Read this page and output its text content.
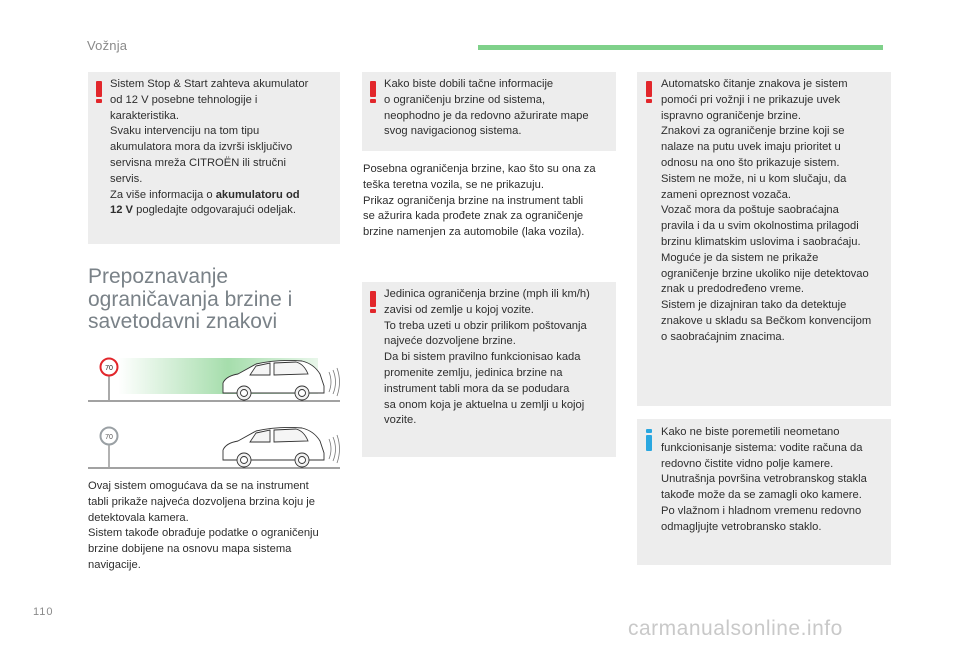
Vožnja

Sistem Stop & Start zahteva akumulator

od 12 V posebne tehnologije i

karakteristika.

Svaku intervenciju na tom tipu

akumulatora mora da izvrši isključivo

servisna mreža CITROËN ili stručni

servis.

Za više informacija o akumulatoru od

12 V pogledajte odgovarajući odeljak.

Prepoznavanje
ograničavanja brzine i
savetodavni znakovi
70
70
Ovaj sistem omogućava da se na instrument
tabli prikaže najveća dozvoljena brzina koju je
detektovala kamera.
Sistem takođe obrađuje podatke o ograničenju
brzine dobijene na osnovu mapa sistema
navigacije.

Kako biste dobili tačne informacije

o ograničenju brzine od sistema,

neophodno je da redovno ažurirate mape

svog navigacionog sistema.

Posebna ograničenja brzine, kao što su ona za
teška teretna vozila, se ne prikazuju.
Prikaz ograničenja brzine na instrument tabli
se ažurira kada prođete znak za ograničenje
brzine namenjen za automobile (laka vozila).

Jedinica ograničenja brzine (mph ili km/h)

zavisi od zemlje u kojoj vozite.

To treba uzeti u obzir prilikom poštovanja

najveće dozvoljene brzine.

Da bi sistem pravilno funkcionisao kada

promenite zemlju, jedinica brzine na

instrument tabli mora da se podudara

sa onom koja je aktuelna u zemlji u kojoj

vozite.

Automatsko čitanje znakova je sistem

pomoći pri vožnji i ne prikazuje uvek

ispravno ograničenje brzine.

Znakovi za ograničenje brzine koji se

nalaze na putu uvek imaju prioritet u

odnosu na ono što prikazuje sistem.

Sistem ne može, ni u kom slučaju, da

zameni opreznost vozača.

Vozač mora da poštuje saobraćajna

pravila i da u svim okolnostima prilagodi

brzinu klimatskim uslovima i saobraćaju.

Moguće je da sistem ne prikaže

ograničenje brzine ukoliko nije detektovao

znak u predodređeno vreme.

Sistem je dizajniran tako da detektuje

znakove u skladu sa Bečkom konvencijom

o saobraćajnim znacima.

Kako ne biste poremetili neometano

funkcionisanje sistema: vodite računa da

redovno čistite vidno polje kamere.

Unutrašnja površina vetrobranskog stakla

takođe može da se zamagli oko kamere.

Po vlažnom i hladnom vremenu redovno

odmagljujte vetrobransko staklo.

110
carmanualsonline.info
